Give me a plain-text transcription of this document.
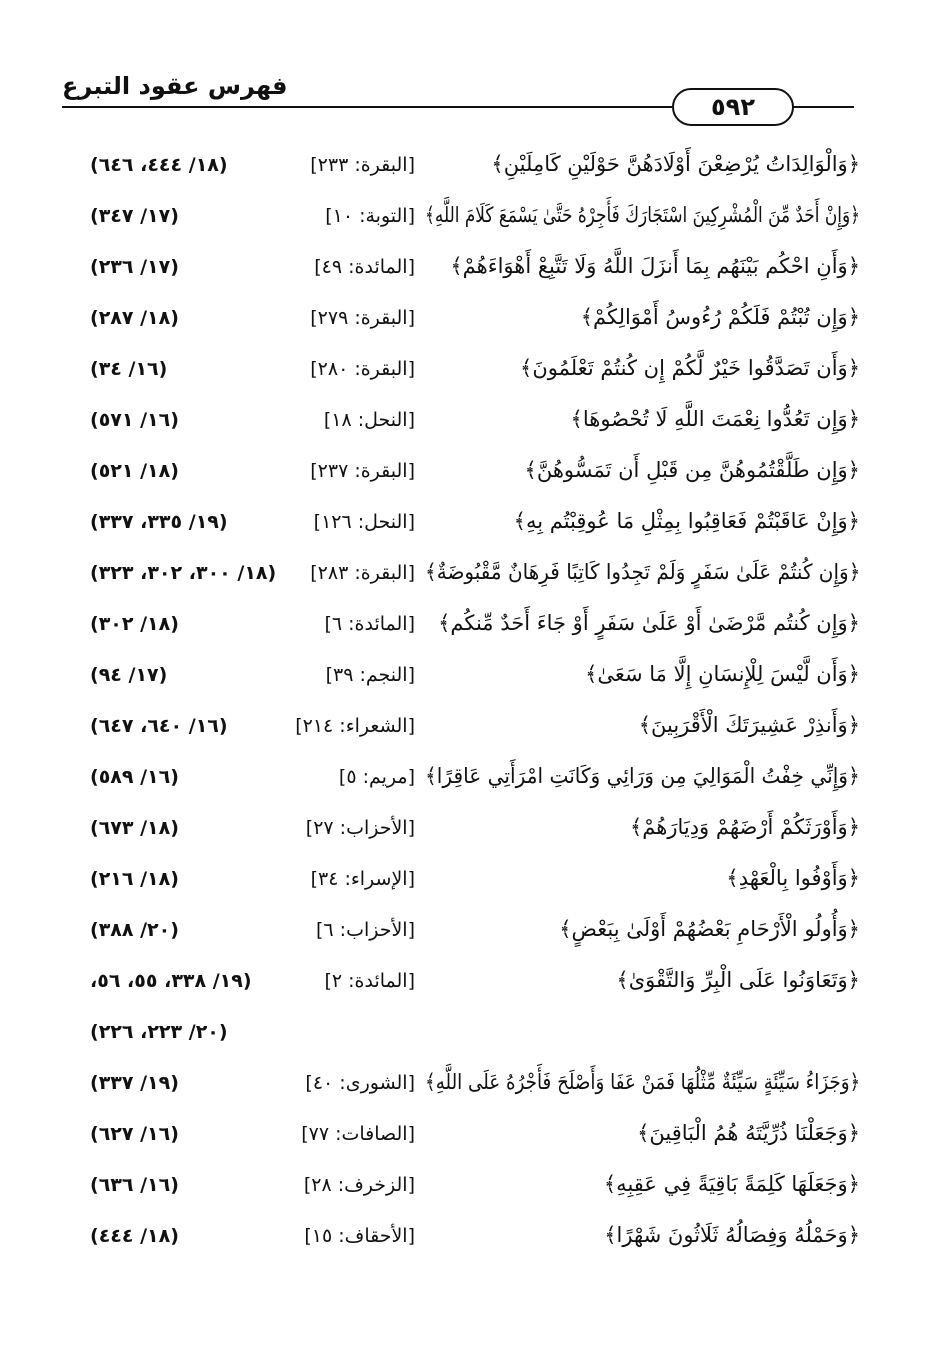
فهرس عقود التبرع
٥٩٢
﴿وَالْوَالِدَاتُ يُرْضِعْنَ أَوْلَادَهُنَّ حَوْلَيْنِ كَامِلَيْنِ﴾
[البقرة: ٢٣٣]
(١٨/ ٤٤٤، ٦٤٦)
﴿وَإِنْ أَحَدٌ مِّنَ الْمُشْرِكِينَ اسْتَجَارَكَ فَأَجِرْهُ حَتَّىٰ يَسْمَعَ كَلَامَ اللَّهِ﴾
[التوبة: ١٠]
(١٧/ ٣٤٧)
﴿وَأَنِ احْكُم بَيْنَهُم بِمَا أَنزَلَ اللَّهُ وَلَا تَتَّبِعْ أَهْوَاءَهُمْ﴾
[المائدة: ٤٩]
(١٧/ ٢٣٦)
﴿وَإِن تُبْتُمْ فَلَكُمْ رُءُوسُ أَمْوَالِكُمْ﴾
[البقرة: ٢٧٩]
(١٨/ ٢٨٧)
﴿وَأَن تَصَدَّقُوا خَيْرٌ لَّكُمْ إِن كُنتُمْ تَعْلَمُونَ﴾
[البقرة: ٢٨٠]
(١٦/ ٣٤)
﴿وَإِن تَعُدُّوا نِعْمَتَ اللَّهِ لَا تُحْصُوهَا﴾
[النحل: ١٨]
(١٦/ ٥٧١)
﴿وَإِن طَلَّقْتُمُوهُنَّ مِن قَبْلِ أَن تَمَسُّوهُنَّ﴾
[البقرة: ٢٣٧]
(١٨/ ٥٢١)
﴿وَإِنْ عَاقَبْتُمْ فَعَاقِبُوا بِمِثْلِ مَا عُوقِبْتُم بِهِ﴾
[النحل: ١٢٦]
(١٩/ ٣٣٥، ٣٣٧)
﴿وَإِن كُنتُمْ عَلَىٰ سَفَرٍ وَلَمْ تَجِدُوا كَاتِبًا فَرِهَانٌ مَّقْبُوضَةٌ﴾
[البقرة: ٢٨٣]
(١٨/ ٣٠٠، ٣٠٢، ٣٢٣)
﴿وَإِن كُنتُم مَّرْضَىٰ أَوْ عَلَىٰ سَفَرٍ أَوْ جَاءَ أَحَدٌ مِّنكُم﴾
[المائدة: ٦]
(١٨/ ٣٠٢)
﴿وَأَن لَّيْسَ لِلْإِنسَانِ إِلَّا مَا سَعَىٰ﴾
[النجم: ٣٩]
(١٧/ ٩٤)
﴿وَأَنذِرْ عَشِيرَتَكَ الْأَقْرَبِينَ﴾
[الشعراء: ٢١٤]
(١٦/ ٦٤٠، ٦٤٧)
﴿وَإِنِّي خِفْتُ الْمَوَالِيَ مِن وَرَائِي وَكَانَتِ امْرَأَتِي عَاقِرًا﴾
[مريم: ٥]
(١٦/ ٥٨٩)
﴿وَأَوْرَثَكُمْ أَرْضَهُمْ وَدِيَارَهُمْ﴾
[الأحزاب: ٢٧]
(١٨/ ٦٧٣)
﴿وَأَوْفُوا بِالْعَهْدِ﴾
[الإسراء: ٣٤]
(١٨/ ٢١٦)
﴿وَأُولُو الْأَرْحَامِ بَعْضُهُمْ أَوْلَىٰ بِبَعْضٍ﴾
[الأحزاب: ٦]
(٢٠/ ٣٨٨)
﴿وَتَعَاوَنُوا عَلَى الْبِرِّ وَالتَّقْوَىٰ﴾
[المائدة: ٢]
(١٩/ ٣٣٨، ٥٥، ٥٦،
(٢٠/ ٢٢٣، ٢٢٦)
﴿وَجَزَاءُ سَيِّئَةٍ سَيِّئَةٌ مِّثْلُهَا فَمَنْ عَفَا وَأَصْلَحَ فَأَجْرُهُ عَلَى اللَّهِ﴾
[الشورى: ٤٠]
(١٩/ ٣٣٧)
﴿وَجَعَلْنَا ذُرِّيَّتَهُ هُمُ الْبَاقِينَ﴾
[الصافات: ٧٧]
(١٦/ ٦٢٧)
﴿وَجَعَلَهَا كَلِمَةً بَاقِيَةً فِي عَقِبِهِ﴾
[الزخرف: ٢٨]
(١٦/ ٦٣٦)
﴿وَحَمْلُهُ وَفِصَالُهُ ثَلَاثُونَ شَهْرًا﴾
[الأحقاف: ١٥]
(١٨/ ٤٤٤)
